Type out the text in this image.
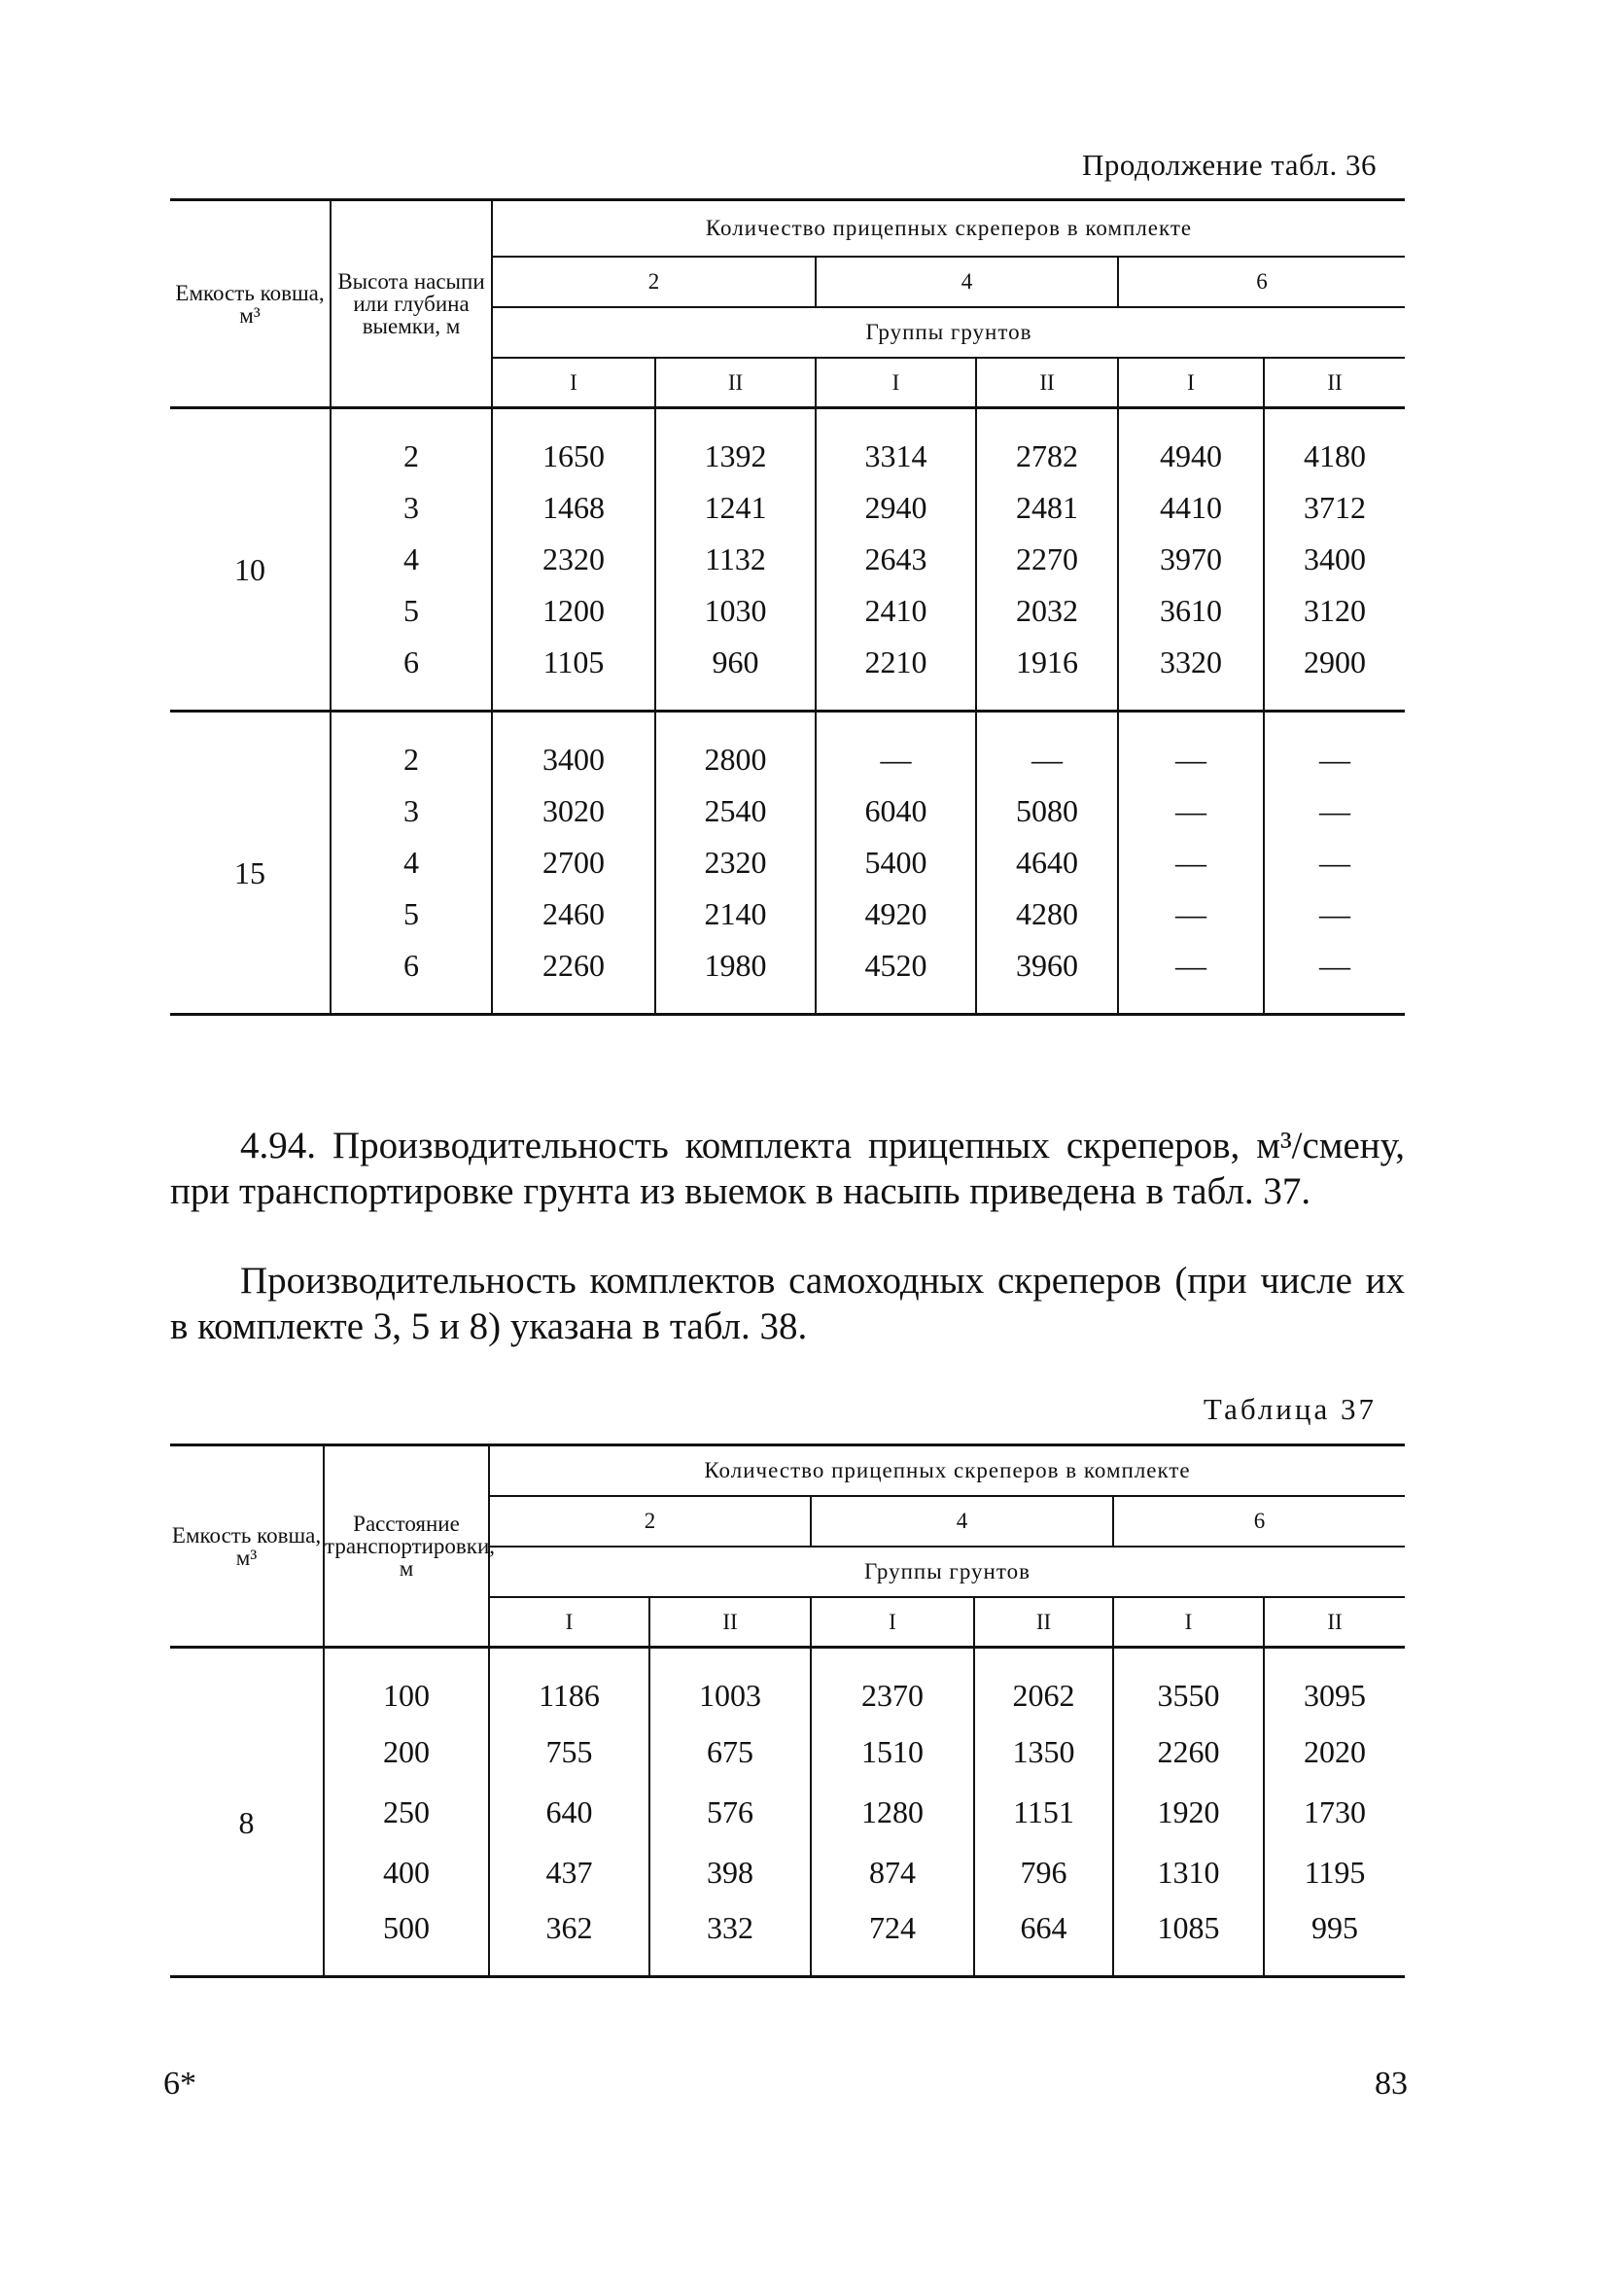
Продолжение табл. 36
Емкость ковша, м³	Высота насыпи или глубина выемки, м	Количество прицепных скреперов в комплекте					
		2		4		6	
		Группы грунтов					
		I	II	I	II	I	II
10	2	1650	1392	3314	2782	4940	4180
	3	1468	1241	2940	2481	4410	3712
	4	2320	1132	2643	2270	3970	3400
	5	1200	1030	2410	2032	3610	3120
	6	1105	960	2210	1916	3320	2900
15	2	3400	2800	—	—	—	—
	3	3020	2540	6040	5080	—	—
	4	2700	2320	5400	4640	—	—
	5	2460	2140	4920	4280	—	—
	6	2260	1980	4520	3960	—	—

4.94. Производительность комплекта прицепных скреперов, м³/смену, при транспортировке грунта из выемок в насыпь приведена в табл. 37.

Производительность комплектов самоходных скреперов (при числе их в комплекте 3, 5 и 8) указана в табл. 38.

Таблица 37
Емкость ковша, м³	Расстояние транспортировки, м	Количество прицепных скреперов в комплекте					
		2		4		6	
		Группы грунтов					
		I	II	I	II	I	II
8	100	1186	1003	2370	2062	3550	3095
	200	755	675	1510	1350	2260	2020
	250	640	576	1280	1151	1920	1730
	400	437	398	874	796	1310	1195
	500	362	332	724	664	1085	995
6*	83
